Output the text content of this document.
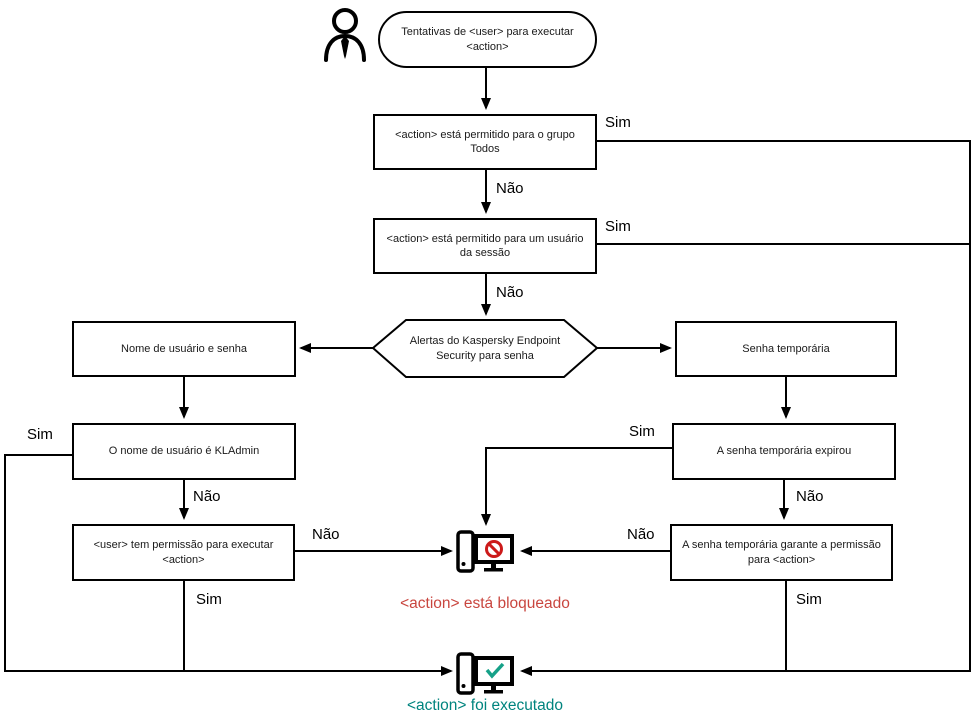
Tentativas de <user> para executar <action>
<action> está permitido para o grupo Todos
<action> está permitido para um usuário da sessão
Alertas do Kaspersky Endpoint Security para senha
Nome de usuário e senha	Senha temporária
O nome de usuário é KLAdmin
<user> tem permissão para executar <action>
A senha temporária expirou
A senha temporária garante a permissão para <action>
<action> está bloqueado
<action> foi executado
Sim
Não
Sim
Não
Sim
Não
Não
Sim
Sim
Não
Não
Sim
